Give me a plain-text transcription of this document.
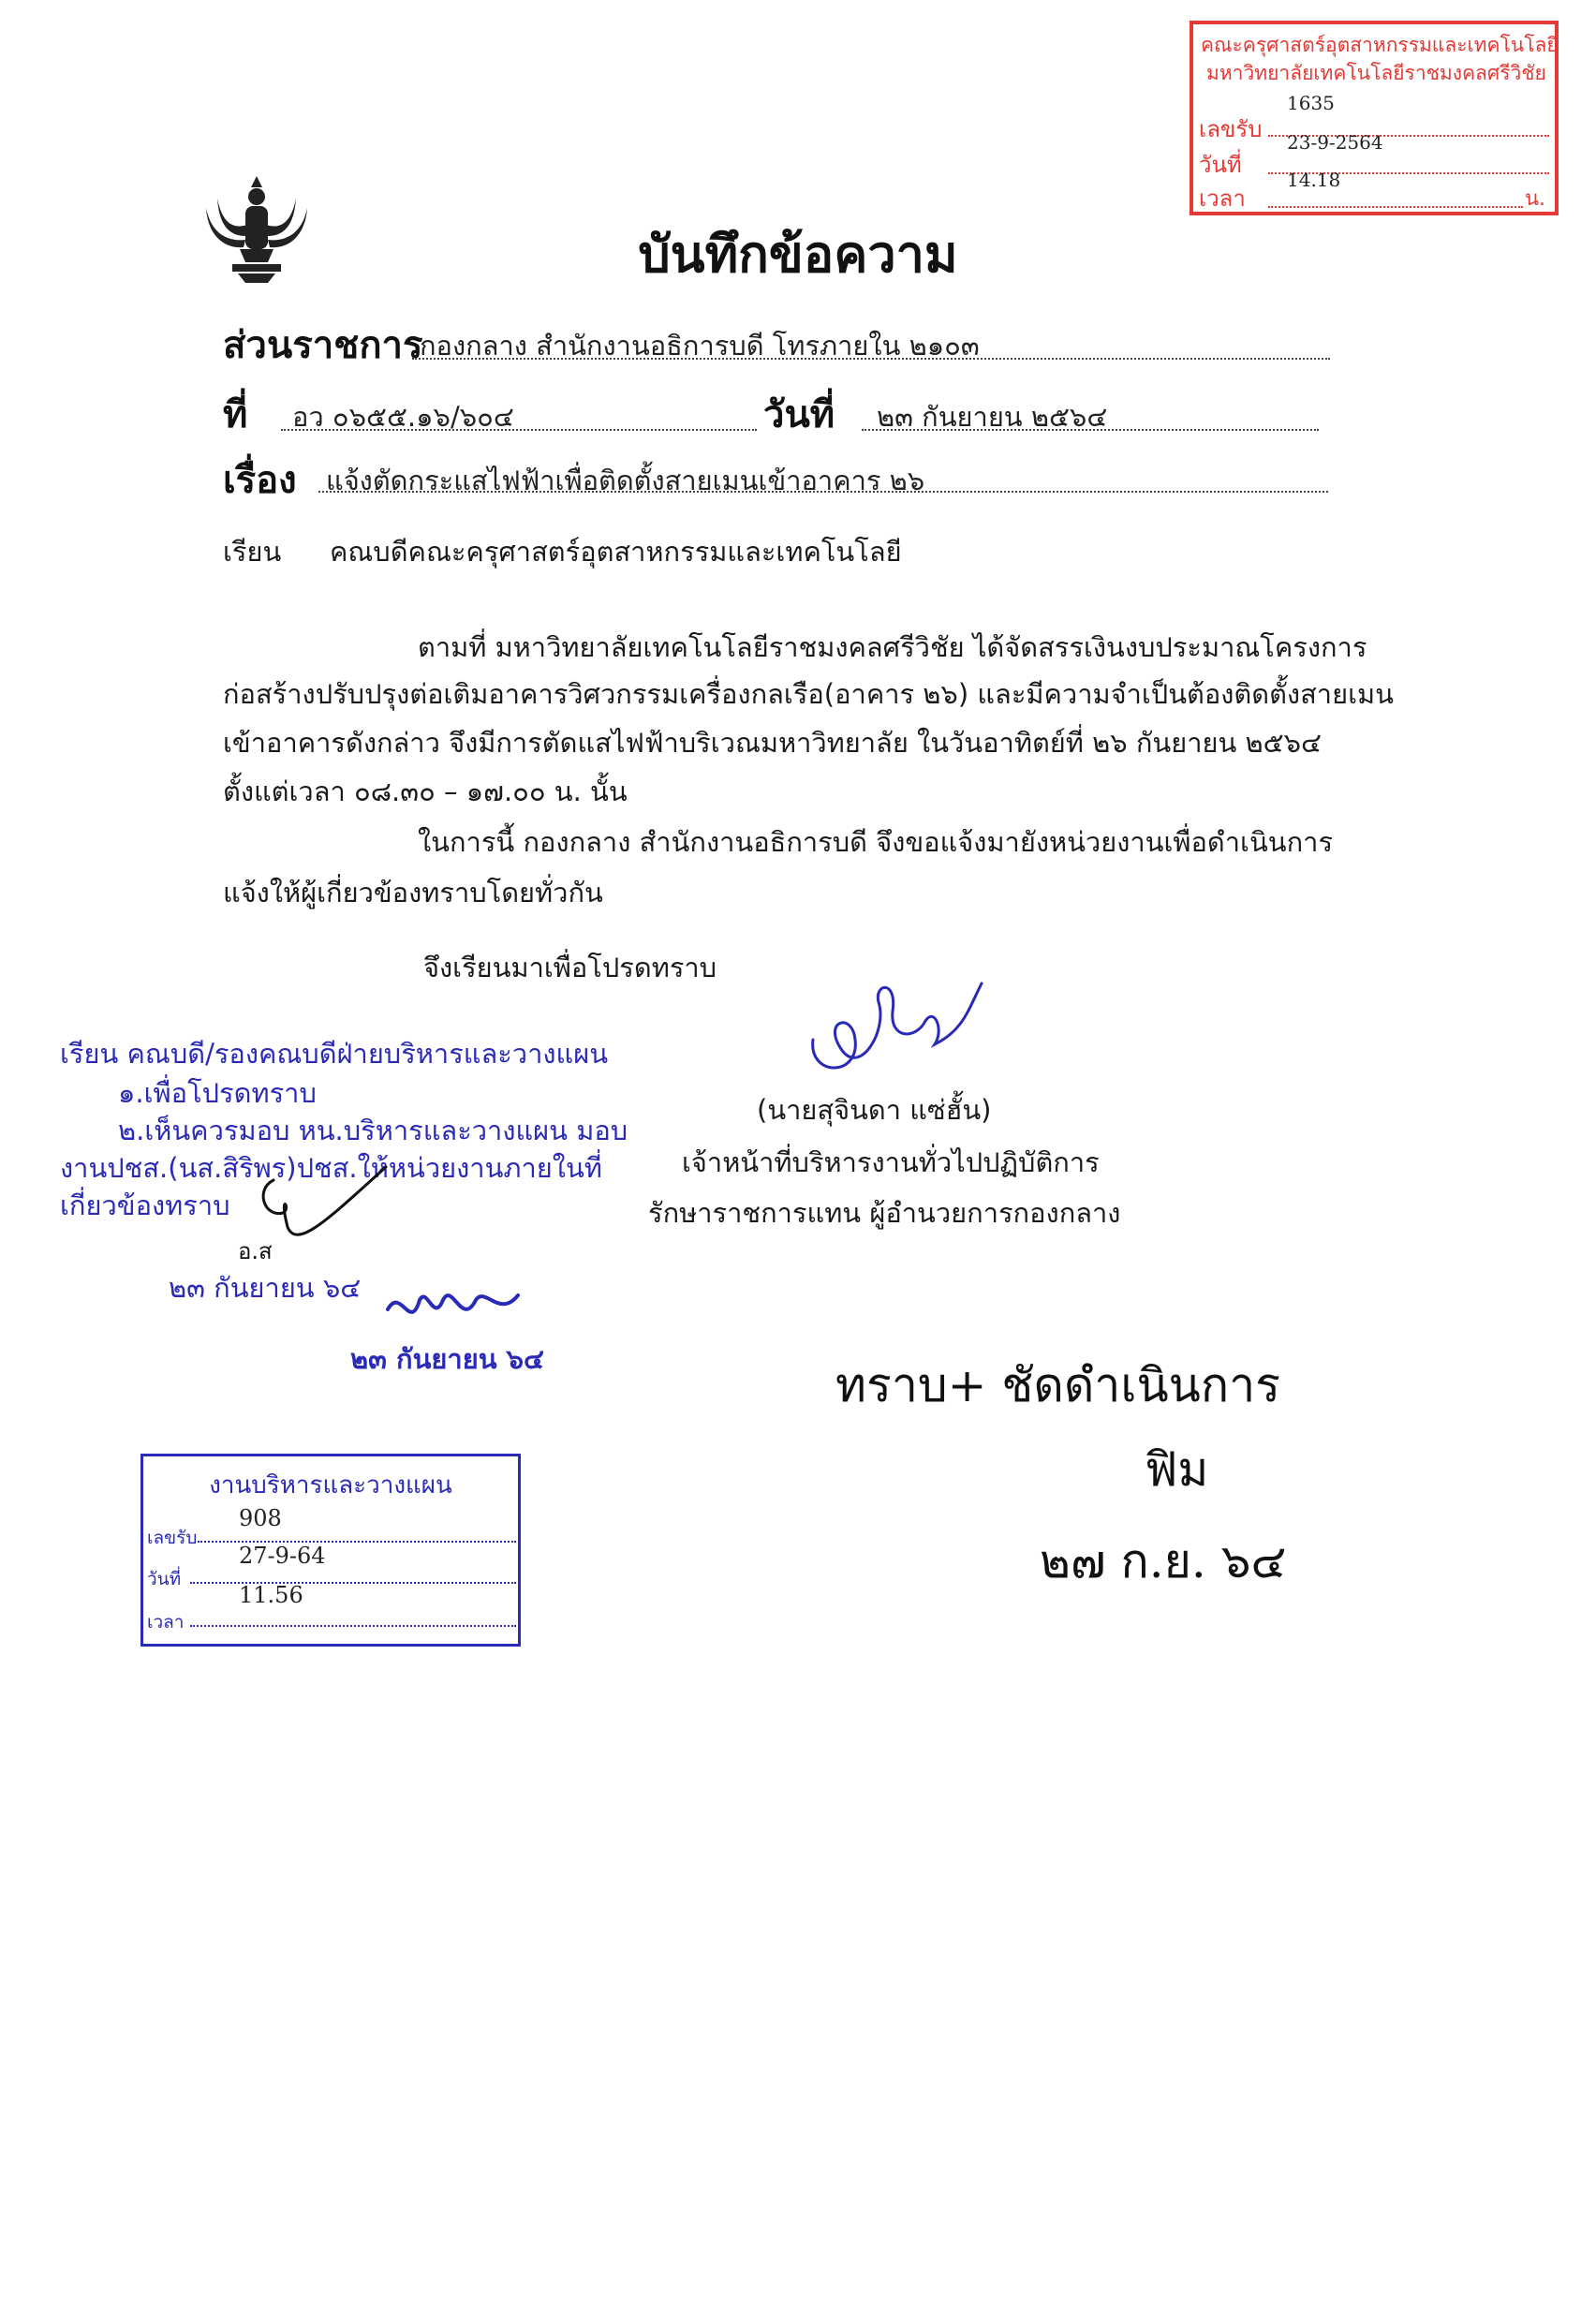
บันทึกข้อความ
ส่วนราชการ
กองกลาง สำนักงานอธิการบดี โทรภายใน ๒๑๐๓
ที่ อว ๐๖๕๕.๑๖/๖๐๔	วันที่ ๒๓ กันยายน ๒๕๖๔
เรื่อง แจ้งตัดกระแสไฟฟ้าเพื่อติดตั้งสายเมนเข้าอาคาร ๒๖
เรียน คณบดีคณะครุศาสตร์อุตสาหกรรมและเทคโนโลยี
ตามที่ มหาวิทยาลัยเทคโนโลยีราชมงคลศรีวิชัย ได้จัดสรรเงินงบประมาณโครงการ
ก่อสร้างปรับปรุงต่อเติมอาคารวิศวกรรมเครื่องกลเรือ(อาคาร ๒๖) และมีความจำเป็นต้องติดตั้งสายเมน
เข้าอาคารดังกล่าว จึงมีการตัดแสไฟฟ้าบริเวณมหาวิทยาลัย ในวันอาทิตย์ที่ ๒๖ กันยายน ๒๕๖๔
ตั้งแต่เวลา ๐๘.๓๐ – ๑๗.๐๐ น. นั้น
ในการนี้ กองกลาง สำนักงานอธิการบดี จึงขอแจ้งมายังหน่วยงานเพื่อดำเนินการ
แจ้งให้ผู้เกี่ยวข้องทราบโดยทั่วกัน
จึงเรียนมาเพื่อโปรดทราบ
(นายสุจินดา แซ่ฮั้น)
เจ้าหน้าที่บริหารงานทั่วไปปฏิบัติการ
รักษาราชการแทน ผู้อำนวยการกองกลาง
คณะครุศาสตร์อุตสาหกรรมและเทคโนโลยี
มหาวิทยาลัยเทคโนโลยีราชมงคลศรีวิชัย
เลขรับ
1635
วันที่
23-9-2564
เวลา
14.18
น.
เรียน คณบดี/รองคณบดีฝ่ายบริหารและวางแผน
๑.เพื่อโปรดทราบ
๒.เห็นควรมอบ หน.บริหารและวางแผน มอบ
งานปชส.(นส.สิริพร)ปชส.ให้หน่วยงานภายในที่
เกี่ยวข้องทราบ
อ.ส
๒๓ กันยายน ๖๔
๒๓ กันยายน ๖๔	ทราบ+ ชัดดำเนินการ
ฟิม
๒๗ ก.ย. ๖๔
งานบริหารและวางแผน
เลขรับ
908
วันที่
27-9-64
เวลา
11.56
